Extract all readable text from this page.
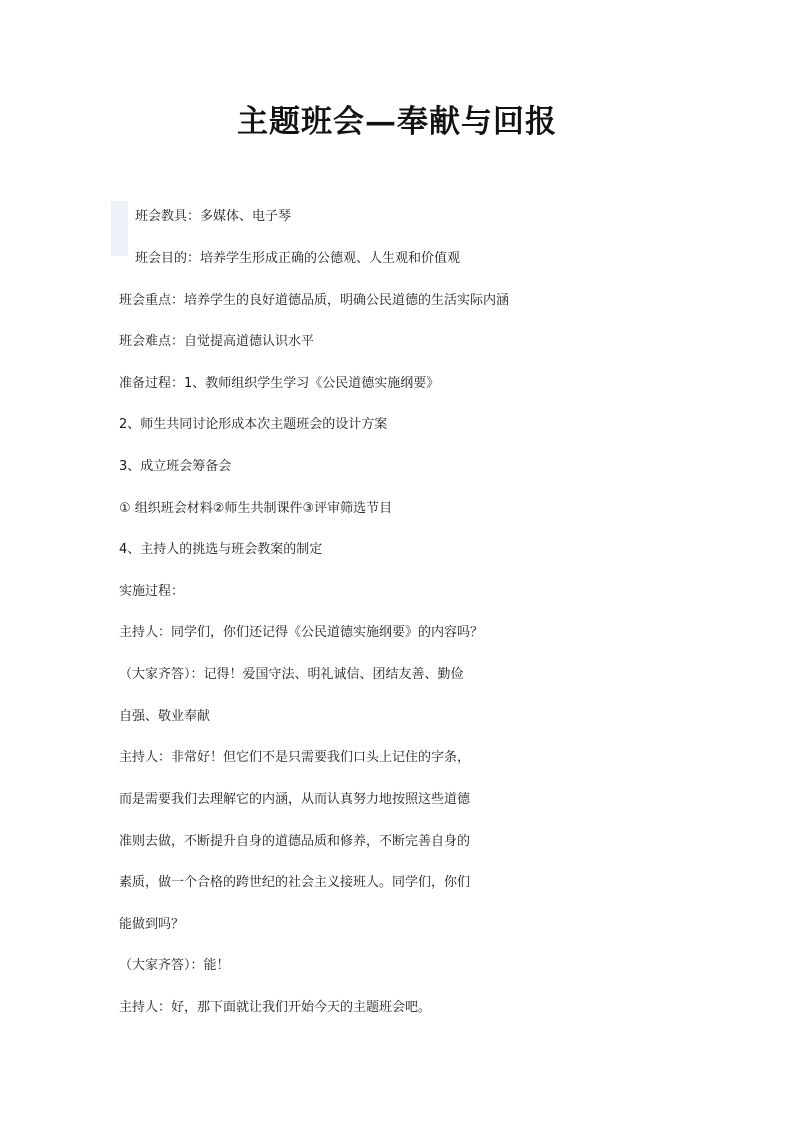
主题班会—奉献与回报
班会教具：多媒体、电子琴
班会目的：培养学生形成正确的公德观、人生观和价值观
班会重点：培养学生的良好道德品质，明确公民道德的生活实际内涵
班会难点：自觉提高道德认识水平
准备过程：1、教师组织学生学习《公民道德实施纲要》
2、师生共同讨论形成本次主题班会的设计方案
3、成立班会筹备会
① 组织班会材料②师生共制课件③评审筛选节目
4、主持人的挑选与班会教案的制定
实施过程：
主持人：同学们，你们还记得《公民道德实施纲要》的内容吗？
（大家齐答）：记得！爱国守法、明礼诚信、团结友善、勤俭
自强、敬业奉献
主持人：非常好！但它们不是只需要我们口头上记住的字条，
而是需要我们去理解它的内涵，从而认真努力地按照这些道德
准则去做，不断提升自身的道德品质和修养，不断完善自身的
素质，做一个合格的跨世纪的社会主义接班人。同学们，你们
能做到吗？
（大家齐答）：能！
主持人：好，那下面就让我们开始今天的主题班会吧。
